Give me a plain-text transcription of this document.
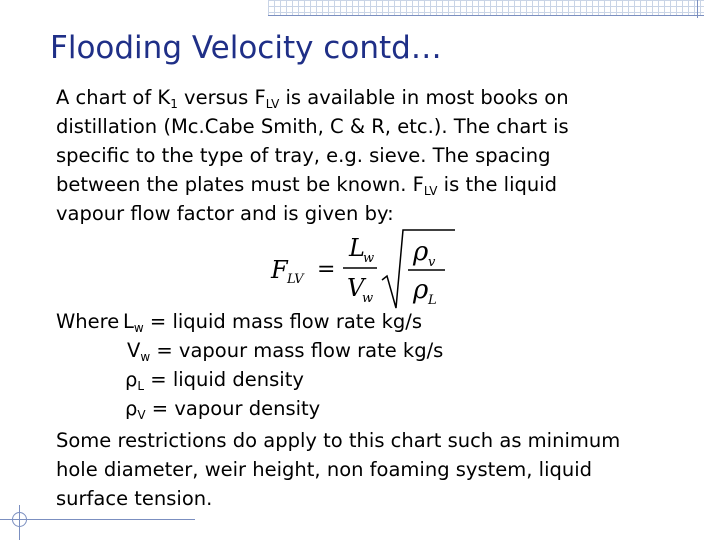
Flooding Velocity contd…
A chart of $K_1$ versus $F_{LV}$ is available in most books on
distillation (Mc.Cabe Smith, C & R, etc.). The chart is
specific to the type of tray, e.g. sieve. The spacing
between the plates must be known. $F_{LV}$ is the liquid
vapour flow factor and is given by:
F LV =
L
w
V
w
ρ v
ρ L
Where $L_w$ = liquid mass flow rate kg/s
$V_w$ = vapour mass flow rate kg/s
$\rho_L$ = liquid density
$\rho_V$ = vapour density
Some restrictions do apply to this chart such as minimum
hole diameter, weir height, non foaming system, liquid
surface tension.
